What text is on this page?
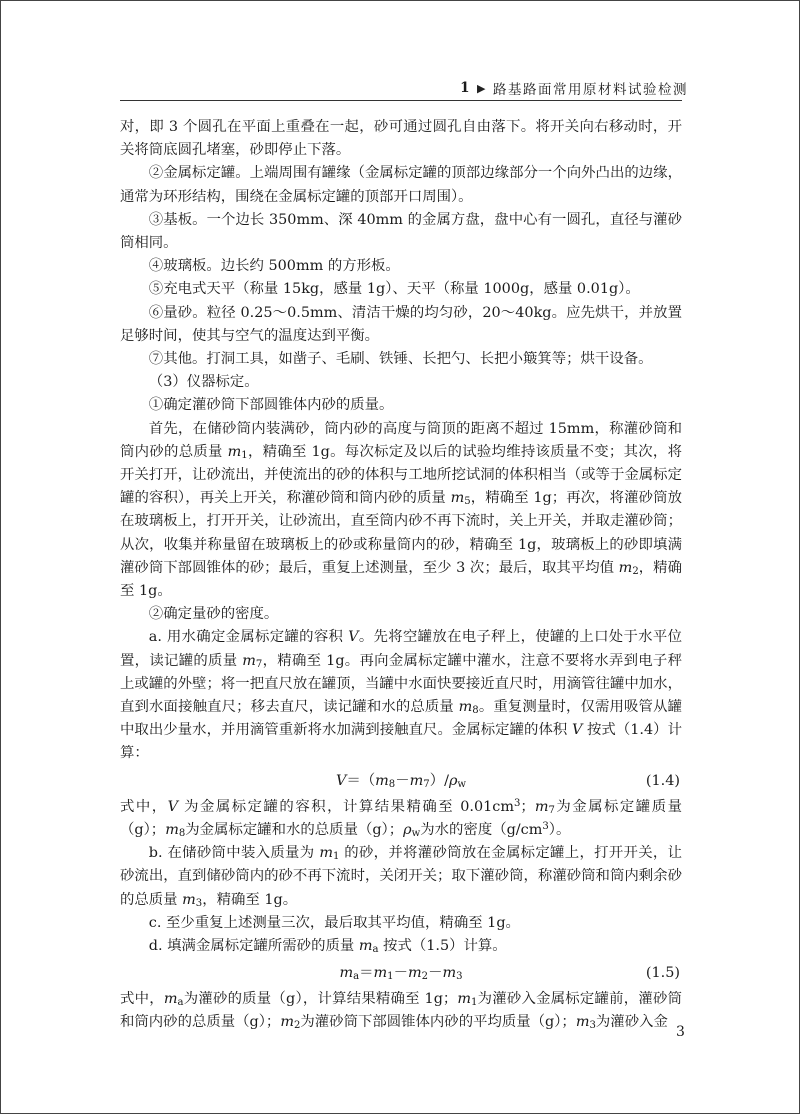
1 ▶ 路基路面常用原材料试验检测

对，即 3 个圆孔在平面上重叠在一起，砂可通过圆孔自由落下。将开关向右移动时，开关将筒底圆孔堵塞，砂即停止下落。

②金属标定罐。上端周围有罐缘（金属标定罐的顶部边缘部分一个向外凸出的边缘，通常为环形结构，围绕在金属标定罐的顶部开口周围）。

③基板。一个边长 350mm、深 40mm 的金属方盘，盘中心有一圆孔，直径与灌砂筒相同。

④玻璃板。边长约 500mm 的方形板。

⑤充电式天平（称量 15kg，感量 1g）、天平（称量 1000g，感量 0.01g）。

⑥量砂。粒径 0.25～0.5mm、清洁干燥的均匀砂，20～40kg。应先烘干，并放置足够时间，使其与空气的温度达到平衡。

⑦其他。打洞工具，如凿子、毛刷、铁锤、长把勺、长把小簸箕等；烘干设备。

（3）仪器标定。

①确定灌砂筒下部圆锥体内砂的质量。

首先，在储砂筒内装满砂，筒内砂的高度与筒顶的距离不超过 15mm，称灌砂筒和筒内砂的总质量 $m_1$，精确至 1g。每次标定及以后的试验均维持该质量不变；其次，将开关打开，让砂流出，并使流出的砂的体积与工地所挖试洞的体积相当（或等于金属标定罐的容积），再关上开关，称灌砂筒和筒内砂的质量 $m_5$，精确至 1g；再次，将灌砂筒放在玻璃板上，打开开关，让砂流出，直至筒内砂不再下流时，关上开关，并取走灌砂筒；从次，收集并称量留在玻璃板上的砂或称量筒内的砂，精确至 1g，玻璃板上的砂即填满灌砂筒下部圆锥体的砂；最后，重复上述测量，至少 3 次；最后，取其平均值 $m_2$，精确至 1g。

②确定量砂的密度。

a. 用水确定金属标定罐的容积 V。先将空罐放在电子秤上，使罐的上口处于水平位置，读记罐的质量 $m_7$，精确至 1g。再向金属标定罐中灌水，注意不要将水弄到电子秤上或罐的外壁；将一把直尺放在罐顶，当罐中水面快要接近直尺时，用滴管往罐中加水，直到水面接触直尺；移去直尺，读记罐和水的总质量 $m_8$。重复测量时，仅需用吸管从罐中取出少量水，并用滴管重新将水加满到接触直尺。金属标定罐的体积 V 按式（1.4）计算：

$V=(m_8-m_7)/\rho_w$	(1.4)

式中，V 为金属标定罐的容积，计算结果精确至 $0.01cm^3$；$m_7$为金属标定罐质量（g）；$m_8$为金属标定罐和水的总质量（g）；$\rho_w$为水的密度$(g/cm^3)$。

b. 在储砂筒中装入质量为 $m_1$ 的砂，并将灌砂筒放在金属标定罐上，打开开关，让砂流出，直到储砂筒内的砂不再下流时，关闭开关；取下灌砂筒，称灌砂筒和筒内剩余砂的总质量 $m_3$，精确至 1g。

c. 至少重复上述测量三次，最后取其平均值，精确至 1g。

d. 填满金属标定罐所需砂的质量 $m_a$ 按式（1.5）计算。

$m_a=m_1-m_2-m_3$	(1.5)

式中，$m_a$为灌砂的质量（g），计算结果精确至 1g；$m_1$为灌砂入金属标定罐前，灌砂筒和筒内砂的总质量（g）；$m_2$为灌砂筒下部圆锥体内砂的平均质量（g）；$m_3$为灌砂入金

3
